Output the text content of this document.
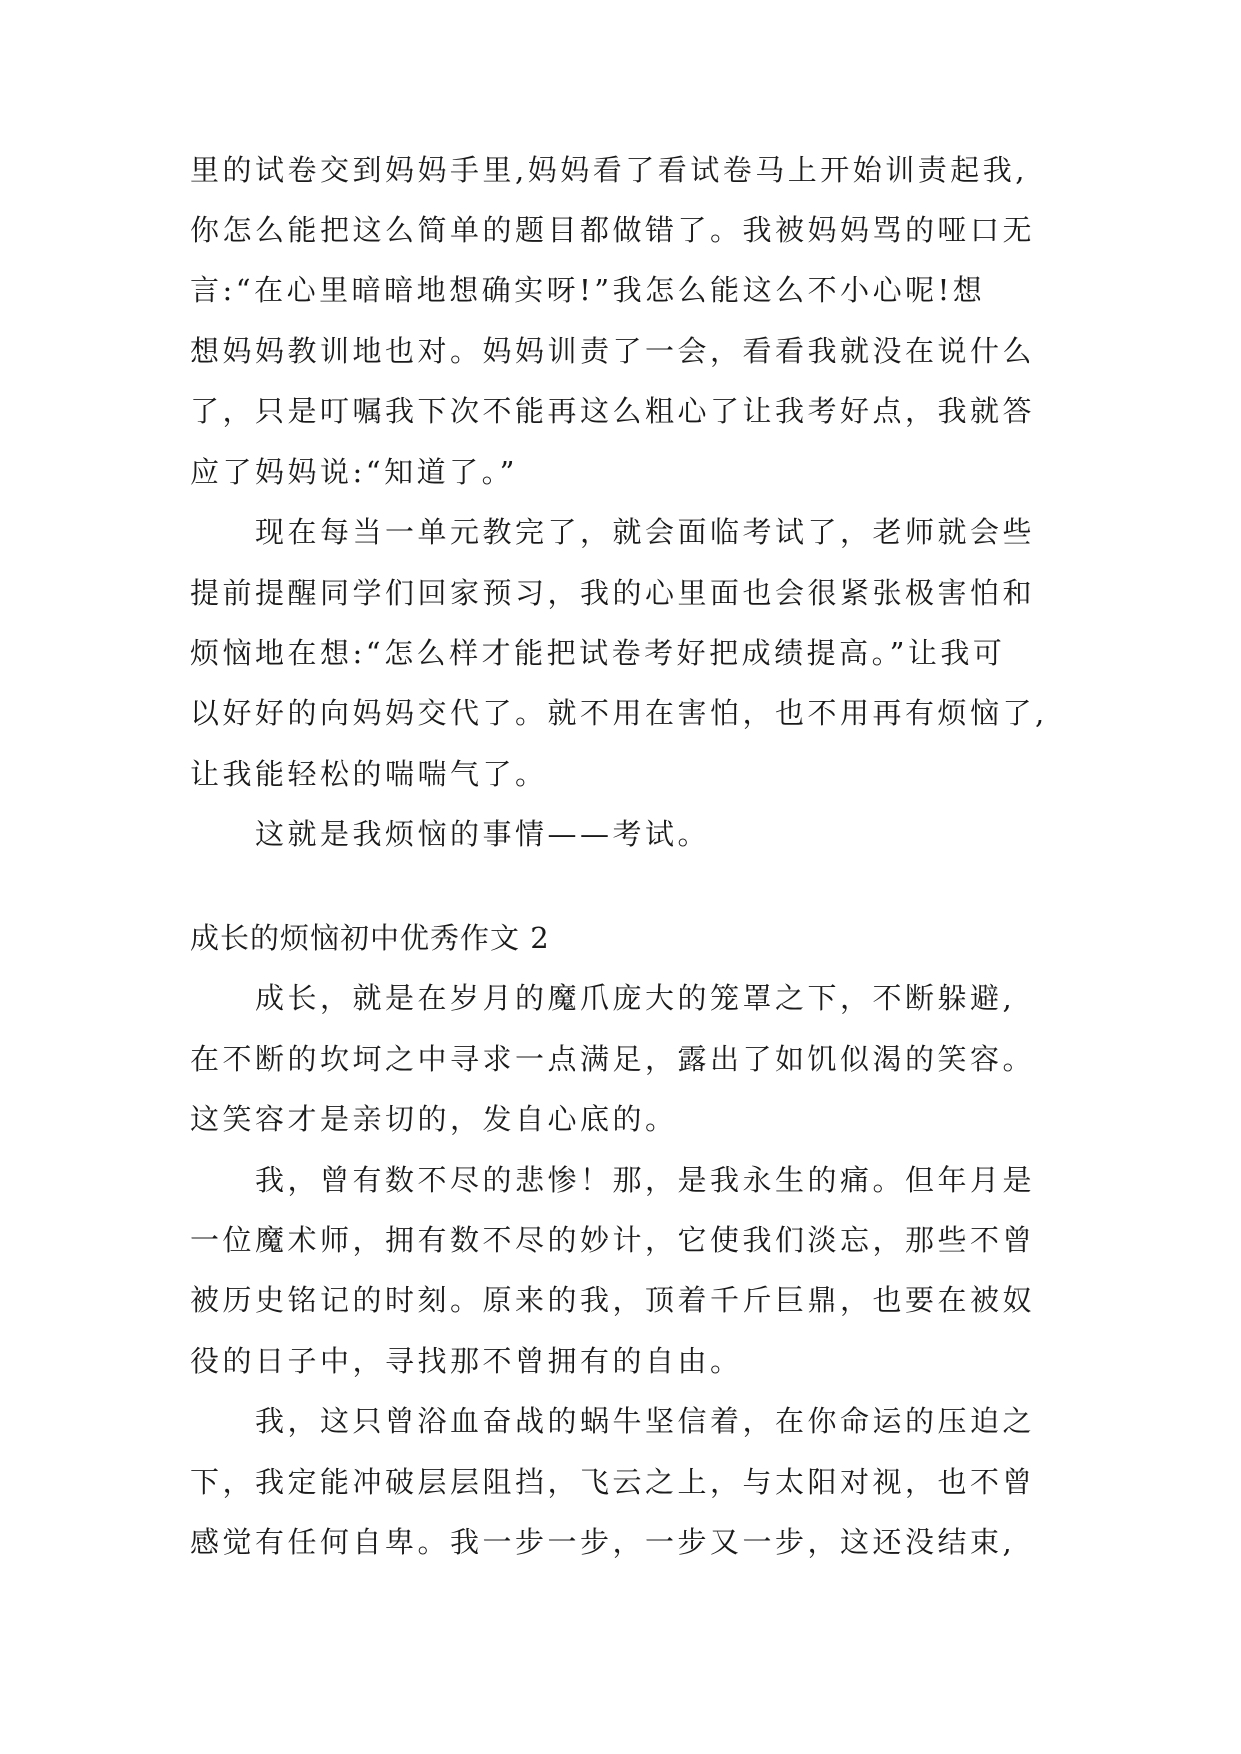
里的试卷交到妈妈手里,妈妈看了看试卷马上开始训责起我,
你怎么能把这么简单的题目都做错了。我被妈妈骂的哑口无
言:“在心里暗暗地想确实呀!”我怎么能这么不小心呢!想
想妈妈教训地也对。妈妈训责了一会，看看我就没在说什么
了，只是叮嘱我下次不能再这么粗心了让我考好点，我就答
应了妈妈说:“知道了。”
现在每当一单元教完了，就会面临考试了，老师就会些
提前提醒同学们回家预习，我的心里面也会很紧张极害怕和
烦恼地在想:“怎么样才能把试卷考好把成绩提高。”让我可
以好好的向妈妈交代了。就不用在害怕，也不用再有烦恼了,
让我能轻松的喘喘气了。
这就是我烦恼的事情——考试。
成长的烦恼初中优秀作文 2
成长，就是在岁月的魔爪庞大的笼罩之下，不断躲避,
在不断的坎坷之中寻求一点满足，露出了如饥似渴的笑容。
这笑容才是亲切的，发自心底的。
我，曾有数不尽的悲惨！那，是我永生的痛。但年月是
一位魔术师，拥有数不尽的妙计，它使我们淡忘，那些不曾
被历史铭记的时刻。原来的我，顶着千斤巨鼎，也要在被奴
役的日子中，寻找那不曾拥有的自由。
我，这只曾浴血奋战的蜗牛坚信着，在你命运的压迫之
下，我定能冲破层层阻挡，飞云之上，与太阳对视，也不曾
感觉有任何自卑。我一步一步，一步又一步，这还没结束,
